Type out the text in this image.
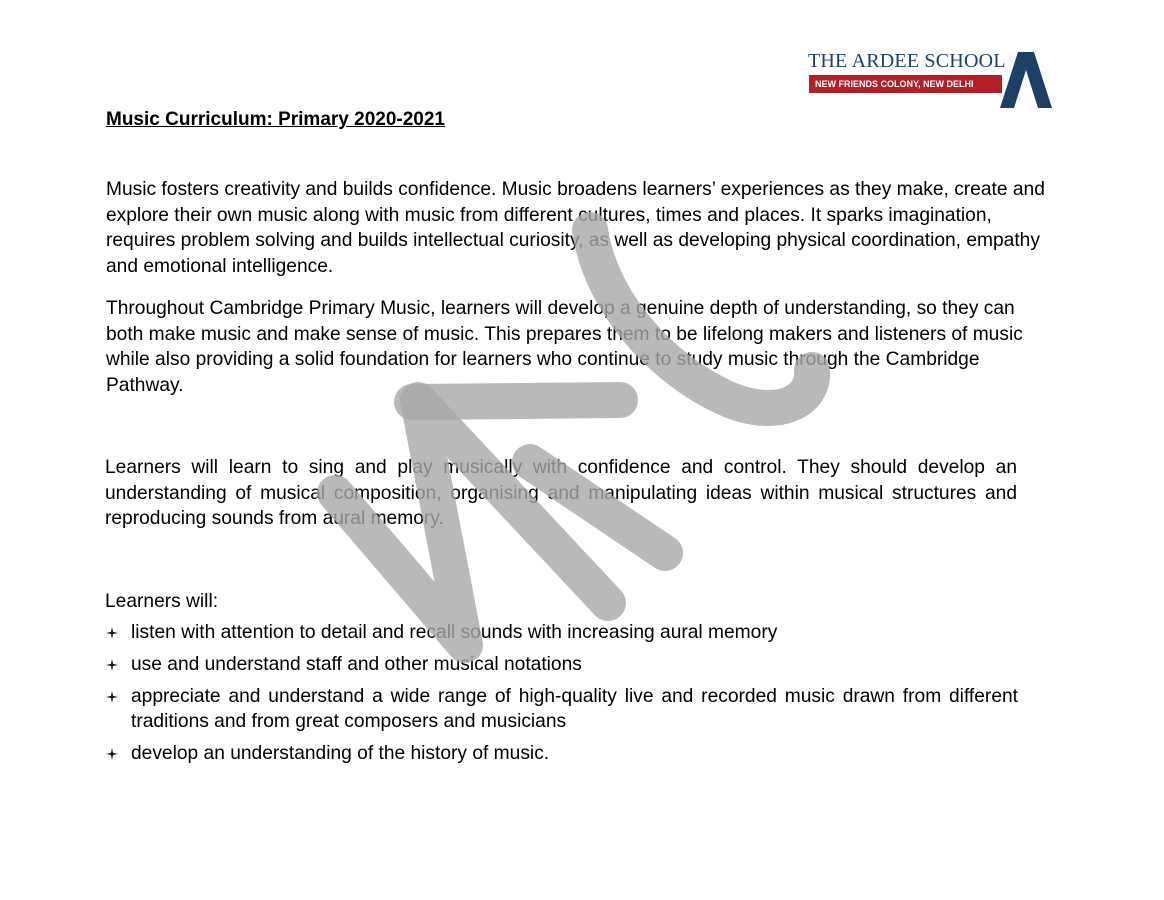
THE ARDEE SCHOOL
NEW FRIENDS COLONY, NEW DELHI
Music Curriculum: Primary 2020-2021

Music fosters creativity and builds confidence. Music broadens learners’ experiences as they make, create and explore their own music along with music from different cultures, times and places. It sparks imagination, requires problem solving and builds intellectual curiosity, as well as developing physical coordination, empathy and emotional intelligence.

Throughout Cambridge Primary Music, learners will develop a genuine depth of understanding, so they can both make music and make sense of music. This prepares them to be lifelong makers and listeners of music while also providing a solid foundation for learners who continue to study music through the Cambridge Pathway.

Learners will learn to sing and play musically with confidence and control. They should develop an understanding of musical composition, organising and manipulating ideas within musical structures and reproducing sounds from aural memory.

Learners will:
listen with attention to detail and recall sounds with increasing aural memory
use and understand staff and other musical notations
appreciate and understand a wide range of high-quality live and recorded music drawn from different traditions and from great composers and musicians
develop an understanding of the history of music.
